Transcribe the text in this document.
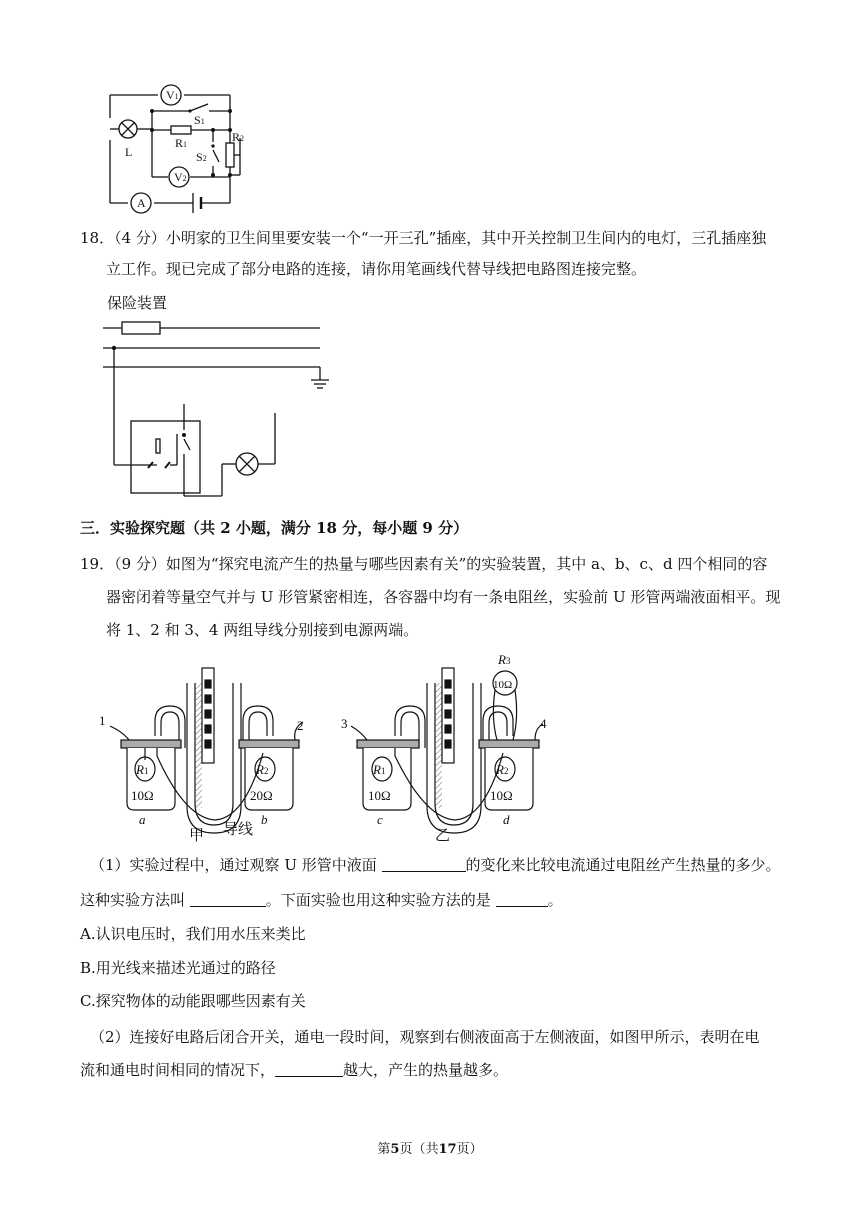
V1
V2
A
L
R1
R2
S1
S2
18．（4 分）小明家的卫生间里要安装一个“一开三孔”插座，其中开关控制卫生间内的电灯，三孔插座独
立工作。现已完成了部分电路的连接，请你用笔画线代替导线把电路图连接完整。
保险装置
三．实验探究题（共 2 小题，满分 18 分，每小题 9 分）
19．（9 分）如图为“探究电流产生的热量与哪些因素有关”的实验装置，其中 a、b、c、d 四个相同的容
器密闭着等量空气并与 U 形管紧密相连，各容器中均有一条电阻丝，实验前 U 形管两端液面相平。现
将 1、2 和 3、4 两组导线分别接到电源两端。
1	2
R1	R2
10Ω	20Ω
a	b
甲 导线
3	4
R3
10Ω
R1	R2
10Ω	10Ω
c	d
乙
（1）实验过程中，通过观察 U 形管中液面	的变化来比较电流通过电阻丝产生热量的多少。
这种实验方法叫	。下面实验也用这种实验方法的是	。
A.认识电压时，我们用水压来类比
B.用光线来描述光通过的路径
C.探究物体的动能跟哪些因素有关
（2）连接好电路后闭合开关，通电一段时间，观察到右侧液面高于左侧液面，如图甲所示，表明在电
流和通电时间相同的情况下，	越大，产生的热量越多。
第5页（共17页）
